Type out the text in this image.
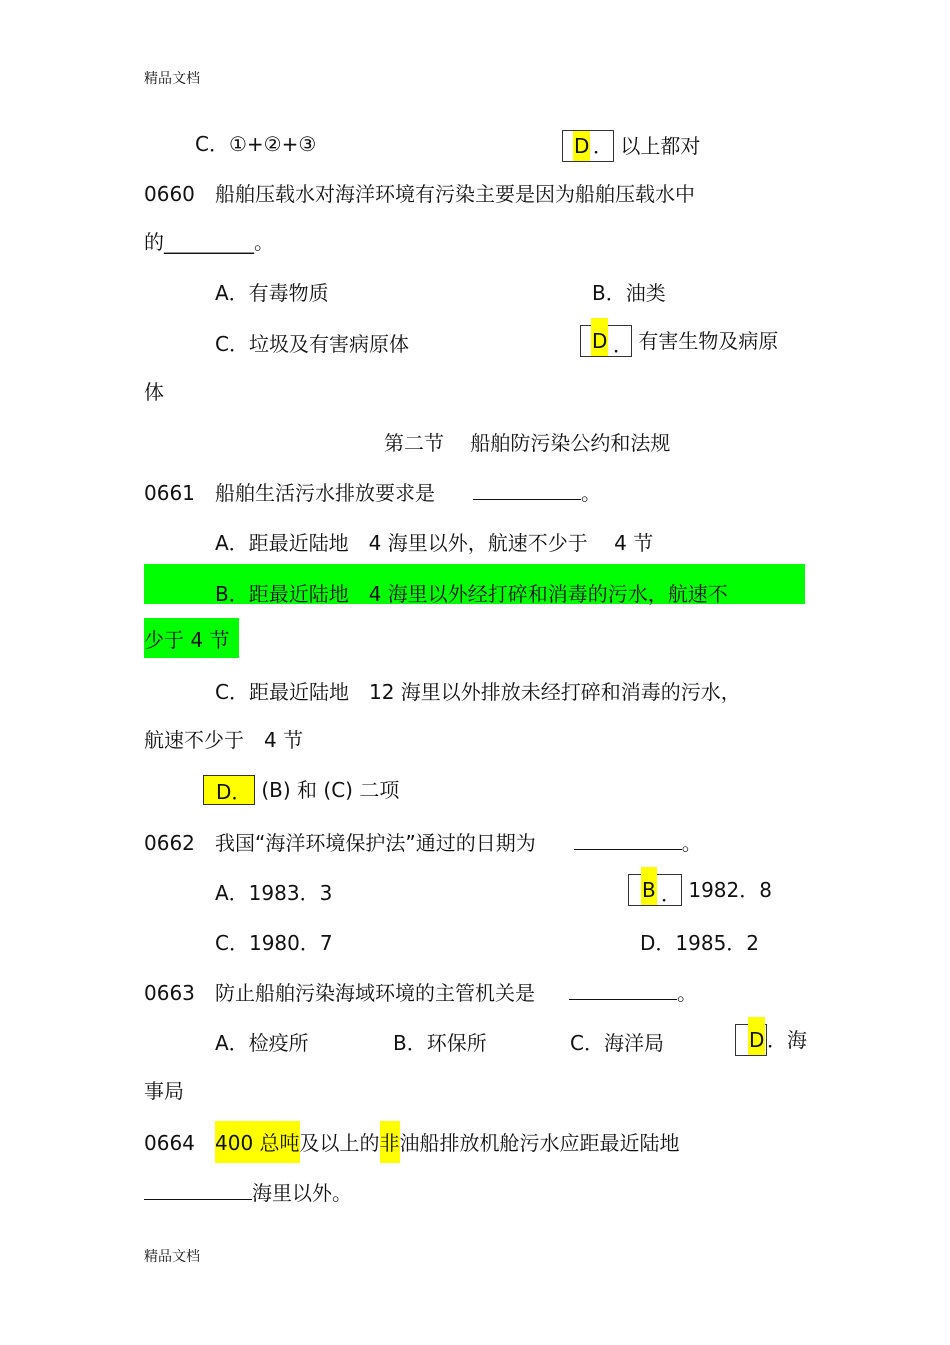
精品文档
精品文档
C．①+②+③	D ． 以上都对
0660 船舶压载水对海洋环境有污染主要是因为船舶压载水中
的_________。
A．有毒物质	B．油类
C．垃圾及有害病原体	D ． 有害生物及病原
体
第二节　 船舶防污染公约和法规
0661 船舶生活污水排放要求是	。
A．距最近陆地　4 海里以外，航速不少于　 4 节
B．距最近陆地　4 海里以外经打碎和消毒的污水，航速不
少于 4 节
C．距最近陆地　12 海里以外排放未经打碎和消毒的污水，
航速不少于　4 节
D． (B) 和 (C) 二项
0662 我国“海洋环境保护法”通过的日期为	。
A．1983．3	B ． 1982．8
C．1980．7	D．1985．2
0663 防止船舶污染海域环境的主管机关是	。
A．检疫所	B．环保所	C．海洋局	D ．海
事局
0664 400 总吨及以上的非油船排放机舱污水应距最近陆地
海里以外。
